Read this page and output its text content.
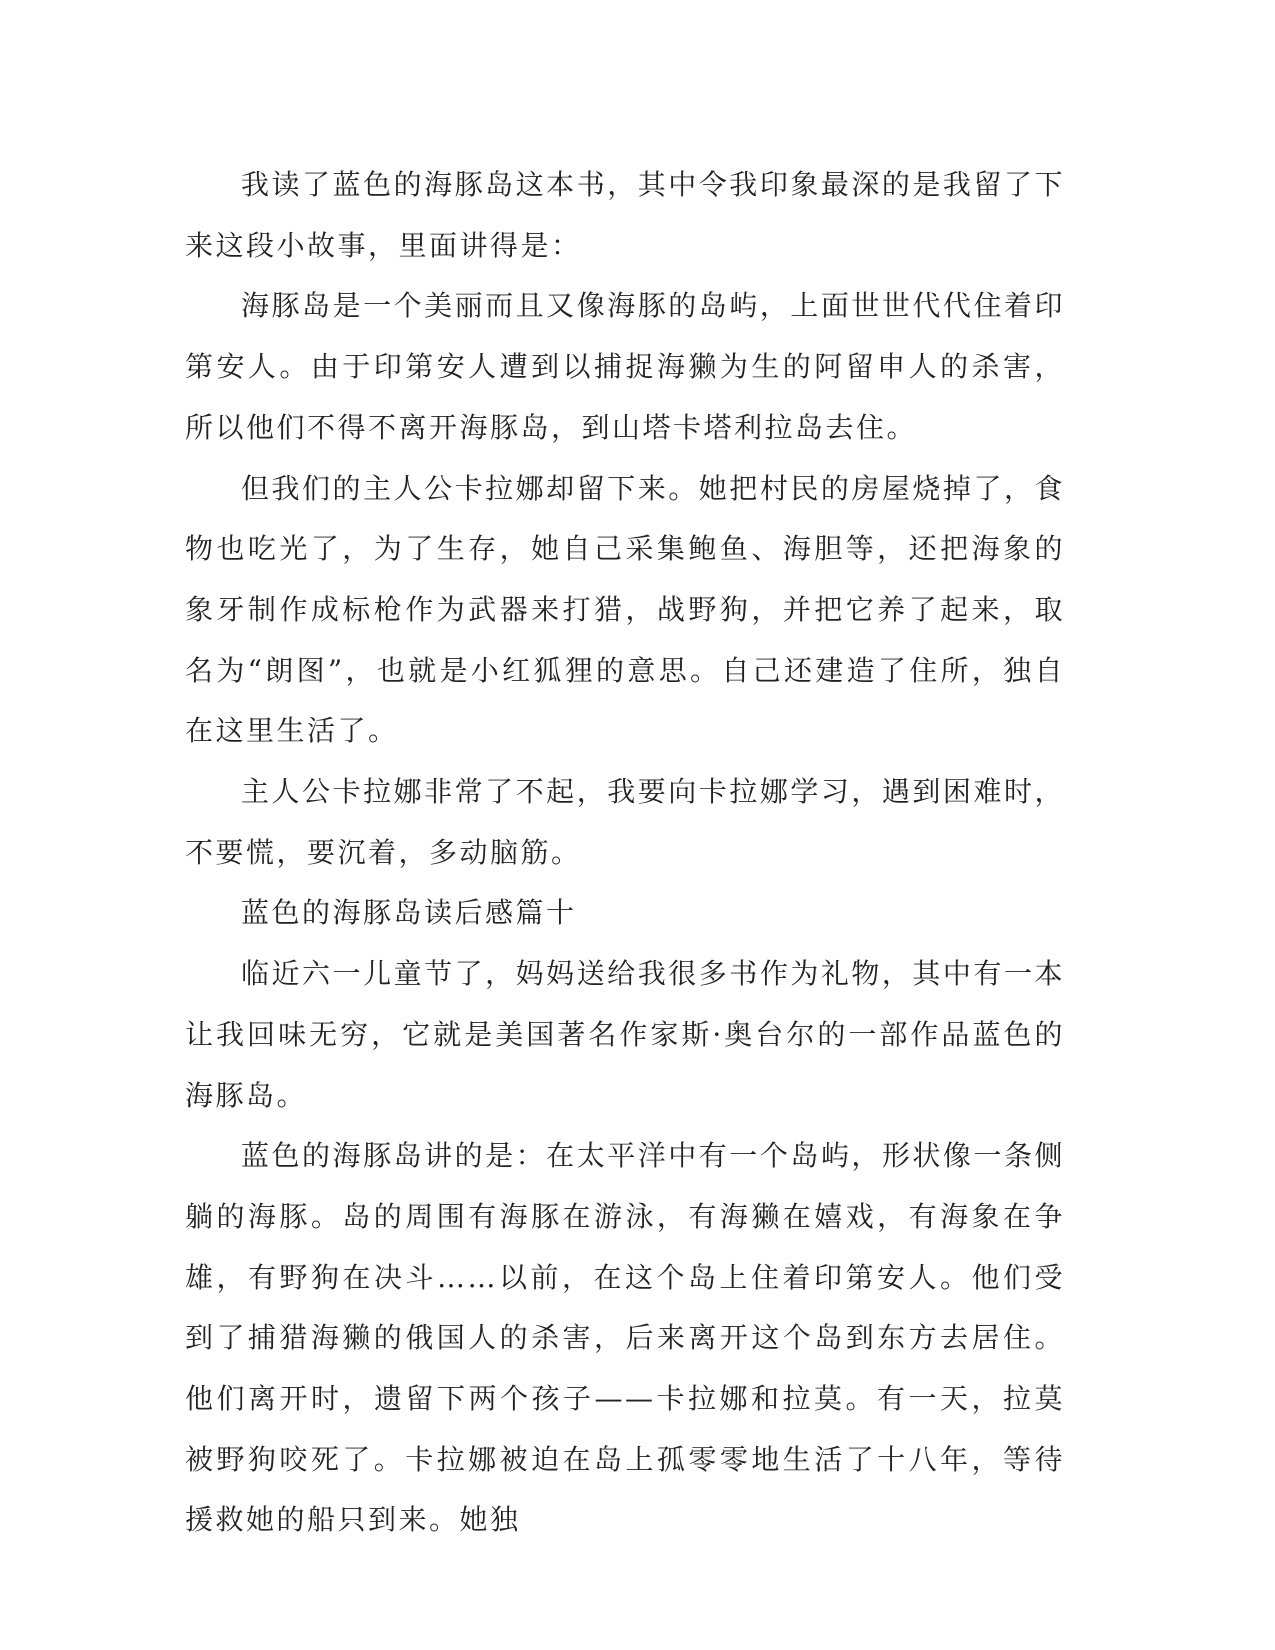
我读了蓝色的海豚岛这本书，其中令我印象最深的是我留了下来这段小故事，里面讲得是：

海豚岛是一个美丽而且又像海豚的岛屿，上面世世代代住着印第安人。由于印第安人遭到以捕捉海獭为生的阿留申人的杀害，所以他们不得不离开海豚岛，到山塔卡塔利拉岛去住。

但我们的主人公卡拉娜却留下来。她把村民的房屋烧掉了，食物也吃光了，为了生存，她自己采集鲍鱼、海胆等，还把海象的象牙制作成标枪作为武器来打猎，战野狗，并把它养了起来，取名为“朗图”，也就是小红狐狸的意思。自己还建造了住所，独自在这里生活了。

主人公卡拉娜非常了不起，我要向卡拉娜学习，遇到困难时，不要慌，要沉着，多动脑筋。

蓝色的海豚岛读后感篇十

临近六一儿童节了，妈妈送给我很多书作为礼物，其中有一本让我回味无穷，它就是美国著名作家斯·奥台尔的一部作品蓝色的海豚岛。

蓝色的海豚岛讲的是：在太平洋中有一个岛屿，形状像一条侧躺的海豚。岛的周围有海豚在游泳，有海獭在嬉戏，有海象在争雄，有野狗在决斗……以前，在这个岛上住着印第安人。他们受到了捕猎海獭的俄国人的杀害，后来离开这个岛到东方去居住。他们离开时，遗留下两个孩子——卡拉娜和拉莫。有一天，拉莫被野狗咬死了。卡拉娜被迫在岛上孤零零地生活了十八年，等待援救她的船只到来。她独
